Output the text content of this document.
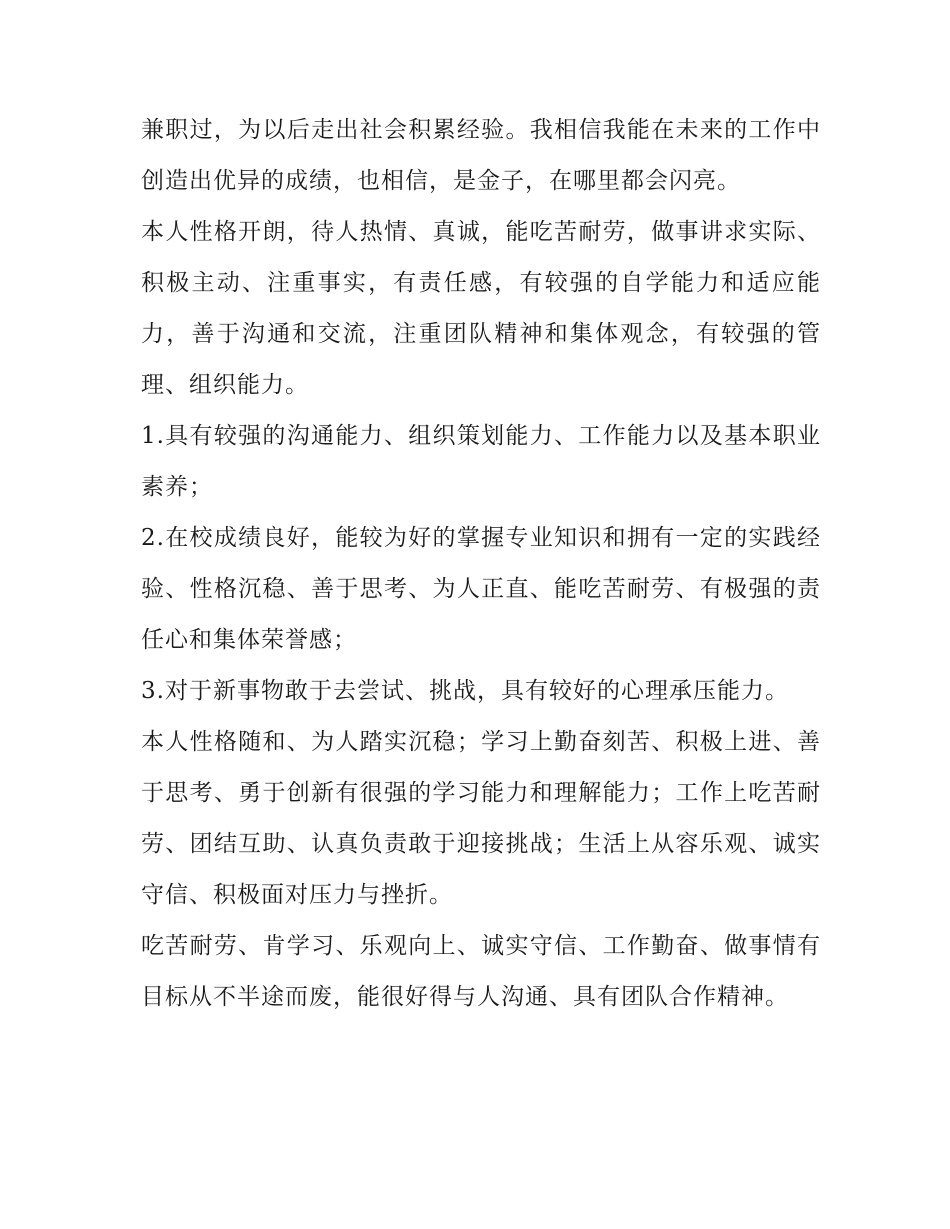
兼职过，为以后走出社会积累经验。我相信我能在未来的工作中创造出优异的成绩，也相信，是金子，在哪里都会闪亮。

本人性格开朗，待人热情、真诚，能吃苦耐劳，做事讲求实际、积极主动、注重事实，有责任感，有较强的自学能力和适应能力，善于沟通和交流，注重团队精神和集体观念，有较强的管理、组织能力。

1.具有较强的沟通能力、组织策划能力、工作能力以及基本职业素养；

2.在校成绩良好，能较为好的掌握专业知识和拥有一定的实践经验、性格沉稳、善于思考、为人正直、能吃苦耐劳、有极强的责任心和集体荣誉感；

3.对于新事物敢于去尝试、挑战，具有较好的心理承压能力。

本人性格随和、为人踏实沉稳；学习上勤奋刻苦、积极上进、善于思考、勇于创新有很强的学习能力和理解能力；工作上吃苦耐劳、团结互助、认真负责敢于迎接挑战；生活上从容乐观、诚实守信、积极面对压力与挫折。

吃苦耐劳、肯学习、乐观向上、诚实守信、工作勤奋、做事情有目标从不半途而废，能很好得与人沟通、具有团队合作精神。
